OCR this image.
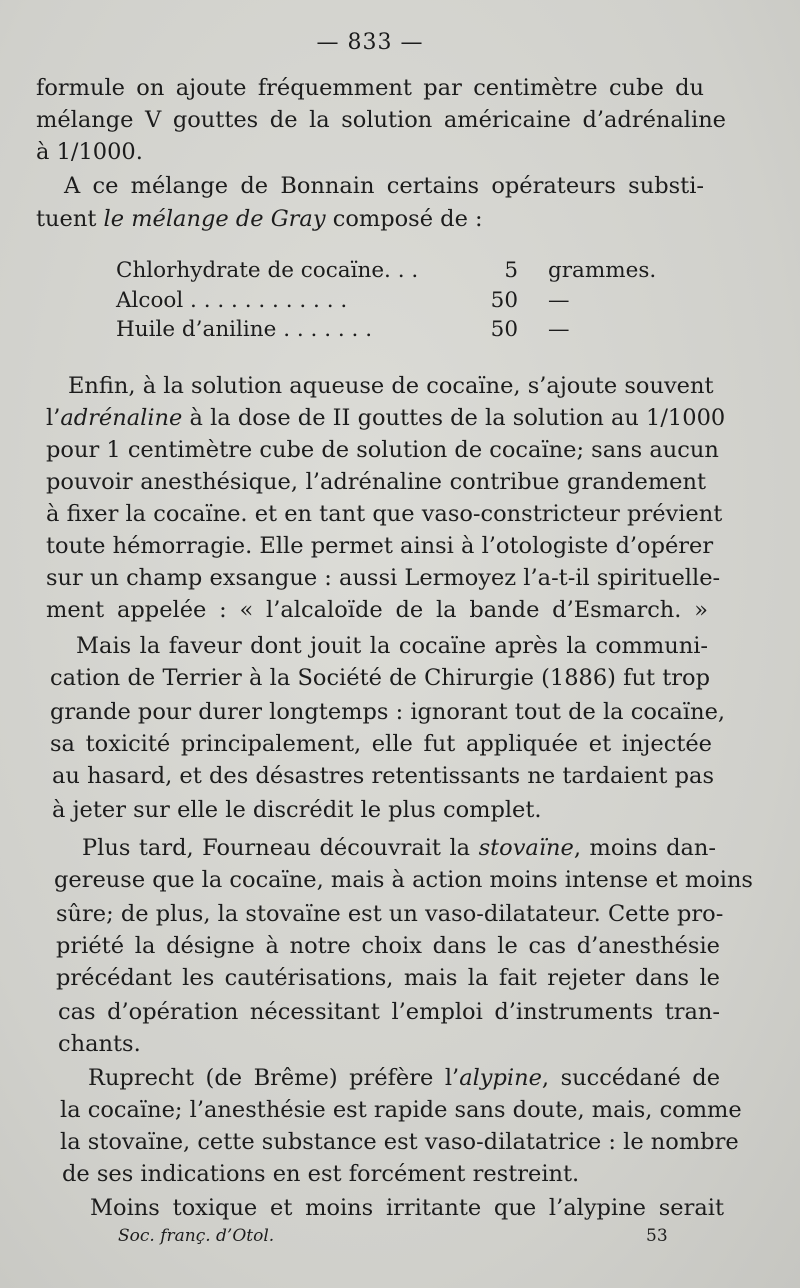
— 833 —
formule on ajoute fréquemment par centimètre cube du
mélange V gouttes de la solution américaine d’adrénaline
à 1/1000.
A ce mélange de Bonnain certains opérateurs substi-
tuent le mélange de Gray composé de :
Enfin, à la solution aqueuse de cocaïne, s’ajoute souvent
l’adrénaline à la dose de II gouttes de la solution au 1/1000
pour 1 centimètre cube de solution de cocaïne; sans aucun
pouvoir anesthésique, l’adrénaline contribue grandement
à fixer la cocaïne. et en tant que vaso-constricteur prévient
toute hémorragie. Elle permet ainsi à l’otologiste d’opérer
sur un champ exsangue : aussi Lermoyez l’a-t-il spirituelle-
ment appelée : « l’alcaloïde de la bande d’Esmarch. »
Mais la faveur dont jouit la cocaïne après la communi-
cation de Terrier à la Société de Chirurgie (1886) fut trop
grande pour durer longtemps : ignorant tout de la cocaïne,
sa toxicité principalement, elle fut appliquée et injectée
au hasard, et des désastres retentissants ne tardaient pas
à jeter sur elle le discrédit le plus complet.
Plus tard, Fourneau découvrait la stovaïne, moins dan-
gereuse que la cocaïne, mais à action moins intense et moins
sûre; de plus, la stovaïne est un vaso-dilatateur. Cette pro-
priété la désigne à notre choix dans le cas d’anesthésie
précédant les cautérisations, mais la fait rejeter dans le
cas d’opération nécessitant l’emploi d’instruments tran-
chants.
Ruprecht (de Brême) préfère l’alypine, succédané de
la cocaïne; l’anesthésie est rapide sans doute, mais, comme
la stovaïne, cette substance est vaso-dilatatrice : le nombre
de ses indications en est forcément restreint.
Moins toxique et moins irritante que l’alypine serait
Chlorhydrate de cocaïne. . .	5 grammes.
Alcool . . . . . . . . . . . .	50 —
Huile d’aniline . . . . . . .	50 —
Soc. franç. d’Otol.	53
